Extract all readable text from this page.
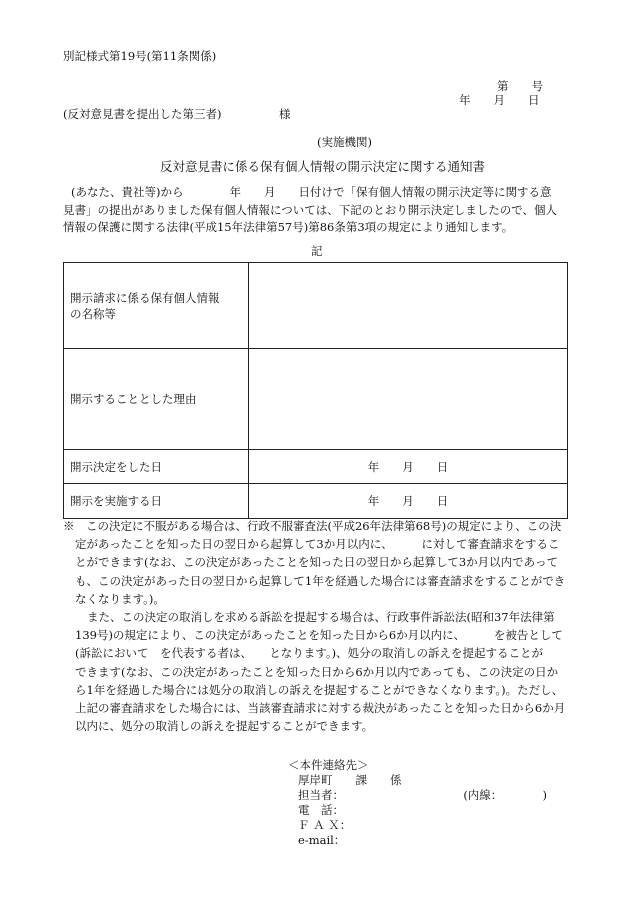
別記様式第19号(第11条関係)
第　　号
年　　月　　日
(反対意見書を提出した第三者)　　　　　様
(実施機関)
反対意見書に係る保有個人情報の開示決定に関する通知書
(あなた、貴社等)から　　　　年　　月　　日付けで「保有個人情報の開示決定等に関する意
見書」の提出がありました保有個人情報については、下記のとおり開示決定しましたので、個人
情報の保護に関する法律(平成15年法律第57号)第86条第3項の規定により通知します。
記
開示請求に係る保有個人情報
の名称等	

開示することとした理由	
開示決定をした日	年　　月　　日
開示を実施する日	年　　月　　日

※　この決定に不服がある場合は、行政不服審査法(平成26年法律第68号)の規定により、この決

定があったことを知った日の翌日から起算して3か月以内に、　　　に対して審査請求をするこ

とができます(なお、この決定があったことを知った日の翌日から起算して3か月以内であって

も、この決定があった日の翌日から起算して1年を経過した場合には審査請求をすることができ

なくなります。)。

また、この決定の取消しを求める訴訟を提起する場合は、行政事件訴訟法(昭和37年法律第

139号)の規定により、この決定があったことを知った日から6か月以内に、　　　を被告として

(訴訟において　を代表する者は、　　となります。)、処分の取消しの訴えを提起することが

できます(なお、この決定があったことを知った日から6か月以内であっても、この決定の日か

ら1年を経過した場合には処分の取消しの訴えを提起することができなくなります。)。ただし、

上記の審査請求をした場合には、当該審査請求に対する裁決があったことを知った日から6か月

以内に、処分の取消しの訴えを提起することができます。

＜本件連絡先＞
厚岸町　　課　　係
担当者：	(内線：　　　　)
電　話：
Ｆ Ａ Ｘ：
e-mail：
